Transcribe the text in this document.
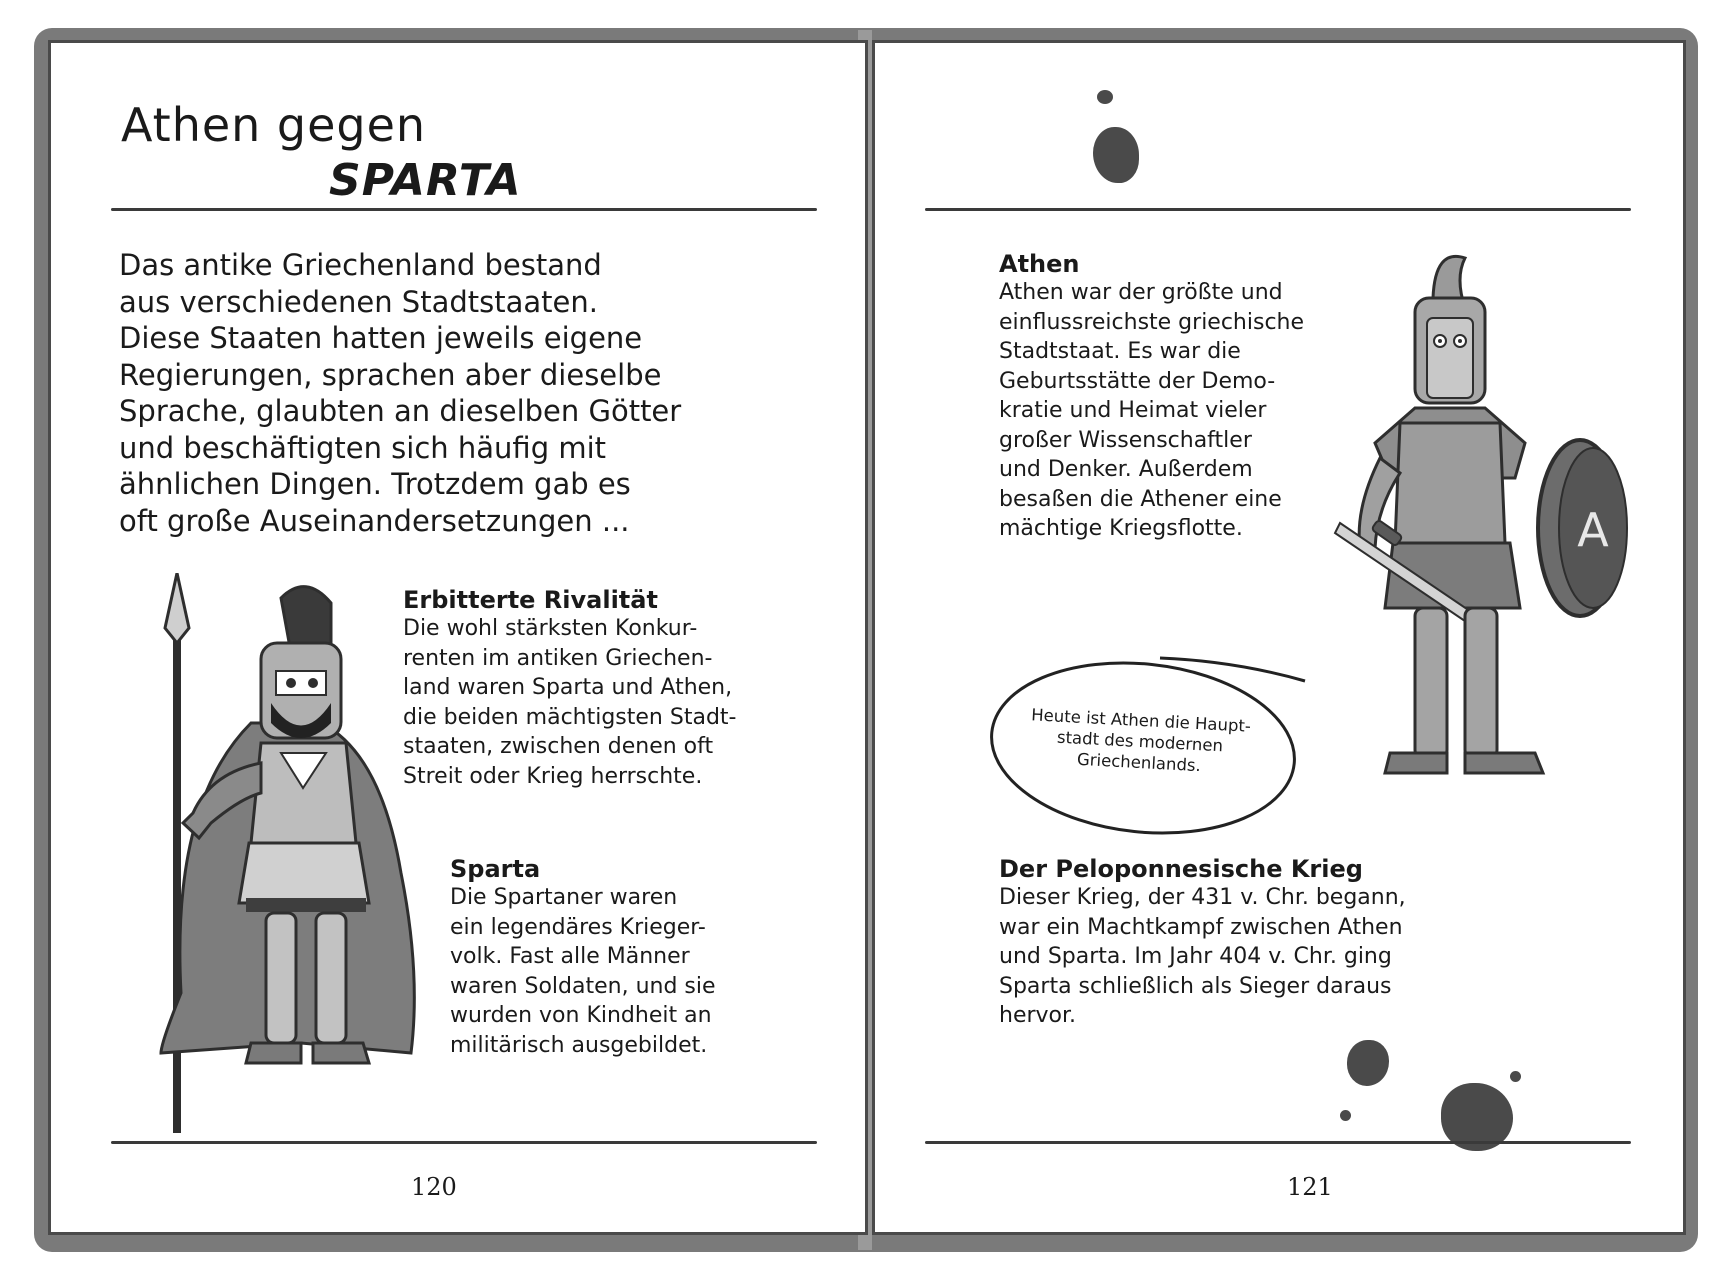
Athen gegen
SPARTA
Das antike Griechenland bestand
aus verschiedenen Stadtstaaten.
Diese Staaten hatten jeweils eigene
Regierungen, sprachen aber dieselbe
Sprache, glaubten an dieselben Götter
und beschäftigten sich häufig mit
ähnlichen Dingen. Trotzdem gab es
oft große Auseinandersetzungen ...
Erbitterte Rivalität
Die wohl stärksten Konkur-
renten im antiken Griechen-
land waren Sparta und Athen,
die beiden mächtigsten Stadt-
staaten, zwischen denen oft
Streit oder Krieg herrschte.
Sparta
Die Spartaner waren
ein legendäres Krieger-
volk. Fast alle Männer
waren Soldaten, und sie
wurden von Kindheit an
militärisch ausgebildet.
120
Athen
Athen war der größte und
einflussreichste griechische
Stadtstaat. Es war die
Geburtsstätte der Demo-
kratie und Heimat vieler
großer Wissenschaftler
und Denker. Außerdem
besaßen die Athener eine
mächtige Kriegsflotte.	A
Heute ist Athen die Haupt-
stadt des modernen
Griechenlands.
Der Peloponnesische Krieg
Dieser Krieg, der 431 v. Chr. begann,
war ein Machtkampf zwischen Athen
und Sparta. Im Jahr 404 v. Chr. ging
Sparta schließlich als Sieger daraus
hervor.
121
